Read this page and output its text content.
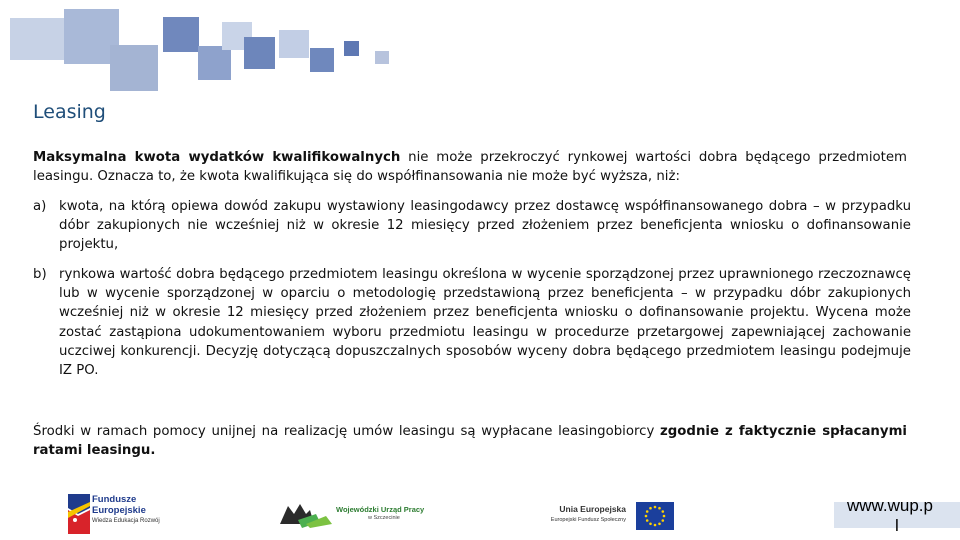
Leasing
Maksymalna kwota wydatków kwalifikowalnych nie może przekroczyć rynkowej wartości dobra będącego przedmiotem leasingu. Oznacza to, że kwota kwalifikująca się do współfinansowania nie może być wyższa, niż:
a) kwota, na którą opiewa dowód zakupu wystawiony leasingodawcy przez dostawcę współfinansowanego dobra – w przypadku dóbr zakupionych nie wcześniej niż w okresie 12 miesięcy przed złożeniem przez beneficjenta wniosku o dofinansowanie projektu,
b) rynkowa wartość dobra będącego przedmiotem leasingu określona w wycenie sporządzonej przez uprawnionego rzeczoznawcę lub w wycenie sporządzonej w oparciu o metodologię przedstawioną przez beneficjenta – w przypadku dóbr zakupionych wcześniej niż w okresie 12 miesięcy przed złożeniem przez beneficjenta wniosku o dofinansowanie projektu. Wycena może zostać zastąpiona udokumentowaniem wyboru przedmiotu leasingu w procedurze przetargowej zapewniającej zachowanie uczciwej konkurencji. Decyzję dotyczącą dopuszczalnych sposobów wyceny dobra będącego przedmiotem leasingu podejmuje IZ PO.
Środki w ramach pomocy unijnej na realizację umów leasingu są wypłacane leasingobiorcy zgodnie z faktycznie spłacanymi ratami leasingu.
Fundusze
Europejskie
Wiedza Edukacja Rozwój
Wojewódzki Urząd Pracy
w Szczecinie
Unia Europejska
Europejski Fundusz Społeczny
www.wup.p
l
